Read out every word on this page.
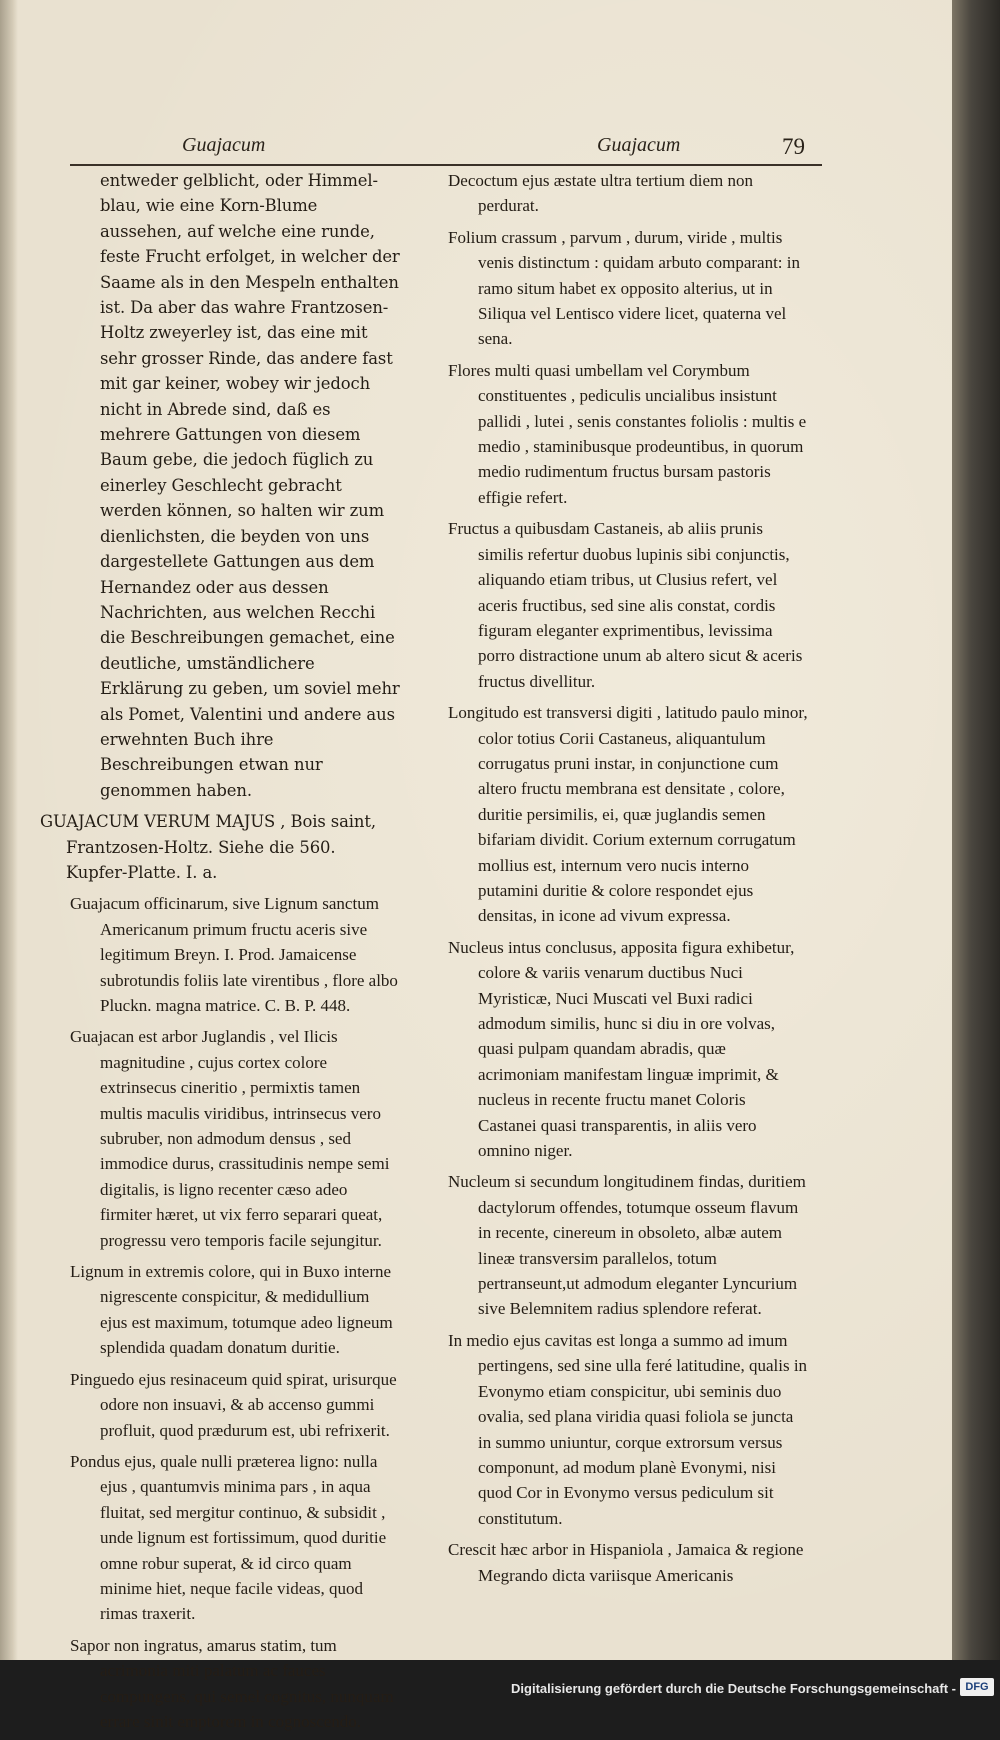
Guajacum	Guajacum	79

entweder gelblicht, oder Himmel-blau, wie eine Korn-Blume aussehen, auf welche eine runde, feste Frucht erfolget, in welcher der Saame als in den Mespeln enthalten ist. Da aber das wahre Frantzosen-Holtz zweyerley ist, das eine mit sehr grosser Rinde, das andere fast mit gar keiner, wobey wir jedoch nicht in Abrede sind, daß es mehrere Gattungen von diesem Baum gebe, die jedoch füglich zu einerley Geschlecht gebracht werden können, so halten wir zum dienlichsten, die beyden von uns dargestellete Gattungen aus dem Hernandez oder aus dessen Nachrichten, aus welchen Recchi die Beschreibungen gemachet, eine deutliche, umständlichere Erklärung zu geben, um soviel mehr als Pomet, Valentini und andere aus erwehnten Buch ihre Beschreibungen etwan nur genommen haben.

GUAJACUM VERUM MAJUS , Bois saint, Frantzosen-Holtz. Siehe die 560. Kupfer-Platte. I. a.

Guajacum officinarum, sive Lignum sanctum Americanum primum fructu aceris sive legitimum Breyn. I. Prod. Jamaicense subrotundis foliis late virentibus , flore albo Pluckn. magna matrice. C. B. P. 448.

Guajacan est arbor Juglandis , vel Ilicis magnitudine , cujus cortex colore extrinsecus cineritio , permixtis tamen multis maculis viridibus, intrinsecus vero subruber, non admodum densus , sed immodice durus, crassitudinis nempe semi digitalis, is ligno recenter cæso adeo firmiter hæret, ut vix ferro separari queat, progressu vero temporis facile sejungitur.

Lignum in extremis colore, qui in Buxo interne nigrescente conspicitur, & medidullium ejus est maximum, totumque adeo ligneum splendida quadam donatum duritie.

Pinguedo ejus resinaceum quid spirat, urisurque odore non insuavi, & ab accenso gummi profluit, quod prædurum est, ubi refrixerit.

Pondus ejus, quale nulli præterea ligno: nulla ejus , quantumvis minima pars , in aqua fluitat, sed mergitur continuo, & subsidit , unde lignum est fortissimum, quod duritie omne robur superat, & id circo quam minime hiet, neque facile videas, quod rimas traxerit.

Sapor non ingratus, amarus statim, tum acrimonia miti palatum ac fauces compungens, qui semel cognitus, nunquam errare sinit emptorem in cognoscendo.

Decoctum ejus æstate ultra tertium diem non perdurat.

Folium crassum , parvum , durum, viride , multis venis distinctum : quidam arbuto comparant: in ramo situm habet ex opposito alterius, ut in Siliqua vel Lentisco videre licet, quaterna vel sena.

Flores multi quasi umbellam vel Corymbum constituentes , pediculis uncialibus insistunt pallidi , lutei , senis constantes foliolis : multis e medio , staminibusque prodeuntibus, in quorum medio rudimentum fructus bursam pastoris effigie refert.

Fructus a quibusdam Castaneis, ab aliis prunis similis refertur duobus lupinis sibi conjunctis, aliquando etiam tribus, ut Clusius refert, vel aceris fructibus, sed sine alis constat, cordis figuram eleganter exprimentibus, levissima porro distractione unum ab altero sicut & aceris fructus divellitur.

Longitudo est transversi digiti , latitudo paulo minor, color totius Corii Castaneus, aliquantulum corrugatus pruni instar, in conjunctione cum altero fructu membrana est densitate , colore, duritie persimilis, ei, quæ juglandis semen bifariam dividit. Corium externum corrugatum mollius est, internum vero nucis interno putamini duritie & colore respondet ejus densitas, in icone ad vivum expressa.

Nucleus intus conclusus, apposita figura exhibetur, colore & variis venarum ductibus Nuci Myristicæ, Nuci Muscati vel Buxi radici admodum similis, hunc si diu in ore volvas, quasi pulpam quandam abradis, quæ acrimoniam manifestam linguæ imprimit, & nucleus in recente fructu manet Coloris Castanei quasi transparentis, in aliis vero omnino niger.

Nucleum si secundum longitudinem findas, duritiem dactylorum offendes, totumque osseum flavum in recente, cinereum in obsoleto, albæ autem lineæ transversim parallelos, totum pertranseunt,ut admodum eleganter Lyncurium sive Belemnitem radius splendore referat.

In medio ejus cavitas est longa a summo ad imum pertingens, sed sine ulla feré latitudine, qualis in Evonymo etiam conspicitur, ubi seminis duo ovalia, sed plana viridia quasi foliola se juncta in summo uniuntur, corque extrorsum versus componunt, ad modum planè Evonymi, nisi quod Cor in Evonymo versus pediculum sit constitutum.

Crescit hæc arbor in Hispaniola , Jamaica & regione Megrando dicta variisque Americanis

Digitalisierung gefördert durch die Deutsche Forschungsgemeinschaft - DFG
